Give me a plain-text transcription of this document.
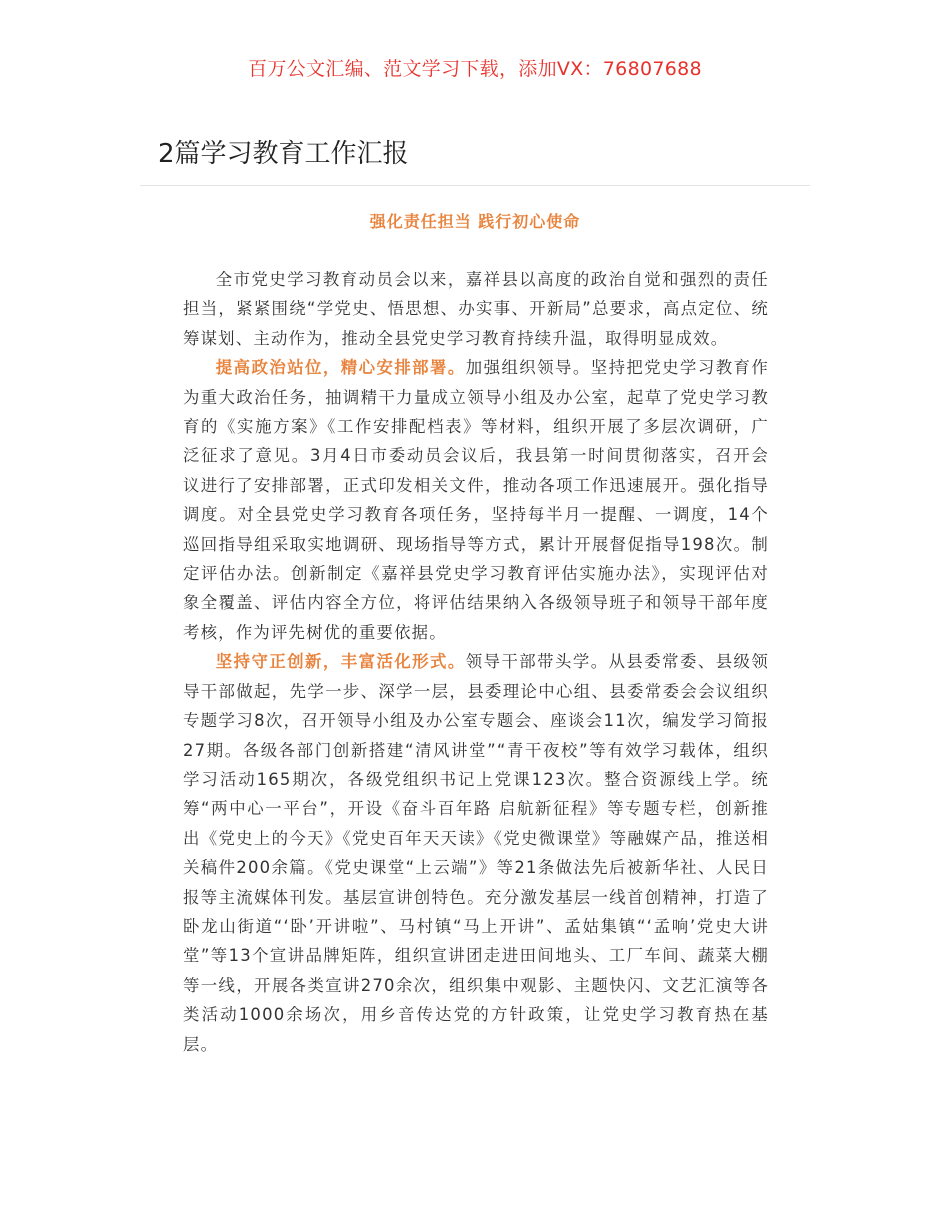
百万公文汇编、范文学习下载，添加VX：76807688
2篇学习教育工作汇报
强化责任担当 践行初心使命

全市党史学习教育动员会以来，嘉祥县以高度的政治自觉和强烈的责任担当，紧紧围绕“学党史、悟思想、办实事、开新局”总要求，高点定位、统筹谋划、主动作为，推动全县党史学习教育持续升温，取得明显成效。

提高政治站位，精心安排部署。加强组织领导。坚持把党史学习教育作为重大政治任务，抽调精干力量成立领导小组及办公室，起草了党史学习教育的《实施方案》《工作安排配档表》等材料，组织开展了多层次调研，广泛征求了意见。3月4日市委动员会议后，我县第一时间贯彻落实，召开会议进行了安排部署，正式印发相关文件，推动各项工作迅速展开。强化指导调度。对全县党史学习教育各项任务，坚持每半月一提醒、一调度，14个巡回指导组采取实地调研、现场指导等方式，累计开展督促指导198次。制定评估办法。创新制定《嘉祥县党史学习教育评估实施办法》，实现评估对象全覆盖、评估内容全方位，将评估结果纳入各级领导班子和领导干部年度考核，作为评先树优的重要依据。

坚持守正创新，丰富活化形式。领导干部带头学。从县委常委、县级领导干部做起，先学一步、深学一层，县委理论中心组、县委常委会会议组织专题学习8次，召开领导小组及办公室专题会、座谈会11次，编发学习简报27期。各级各部门创新搭建“清风讲堂”“青干夜校”等有效学习载体，组织学习活动165期次，各级党组织书记上党课123次。整合资源线上学。统筹“两中心一平台”，开设《奋斗百年路 启航新征程》等专题专栏，创新推出《党史上的今天》《党史百年天天读》《党史微课堂》等融媒产品，推送相关稿件200余篇。《党史课堂“上云端”》等21条做法先后被新华社、人民日报等主流媒体刊发。基层宣讲创特色。充分激发基层一线首创精神，打造了卧龙山街道“‘卧’开讲啦”、马村镇“马上开讲”、孟姑集镇“‘孟响’党史大讲堂”等13个宣讲品牌矩阵，组织宣讲团走进田间地头、工厂车间、蔬菜大棚等一线，开展各类宣讲270余次，组织集中观影、主题快闪、文艺汇演等各类活动1000余场次，用乡音传达党的方针政策，让党史学习教育热在基层。
